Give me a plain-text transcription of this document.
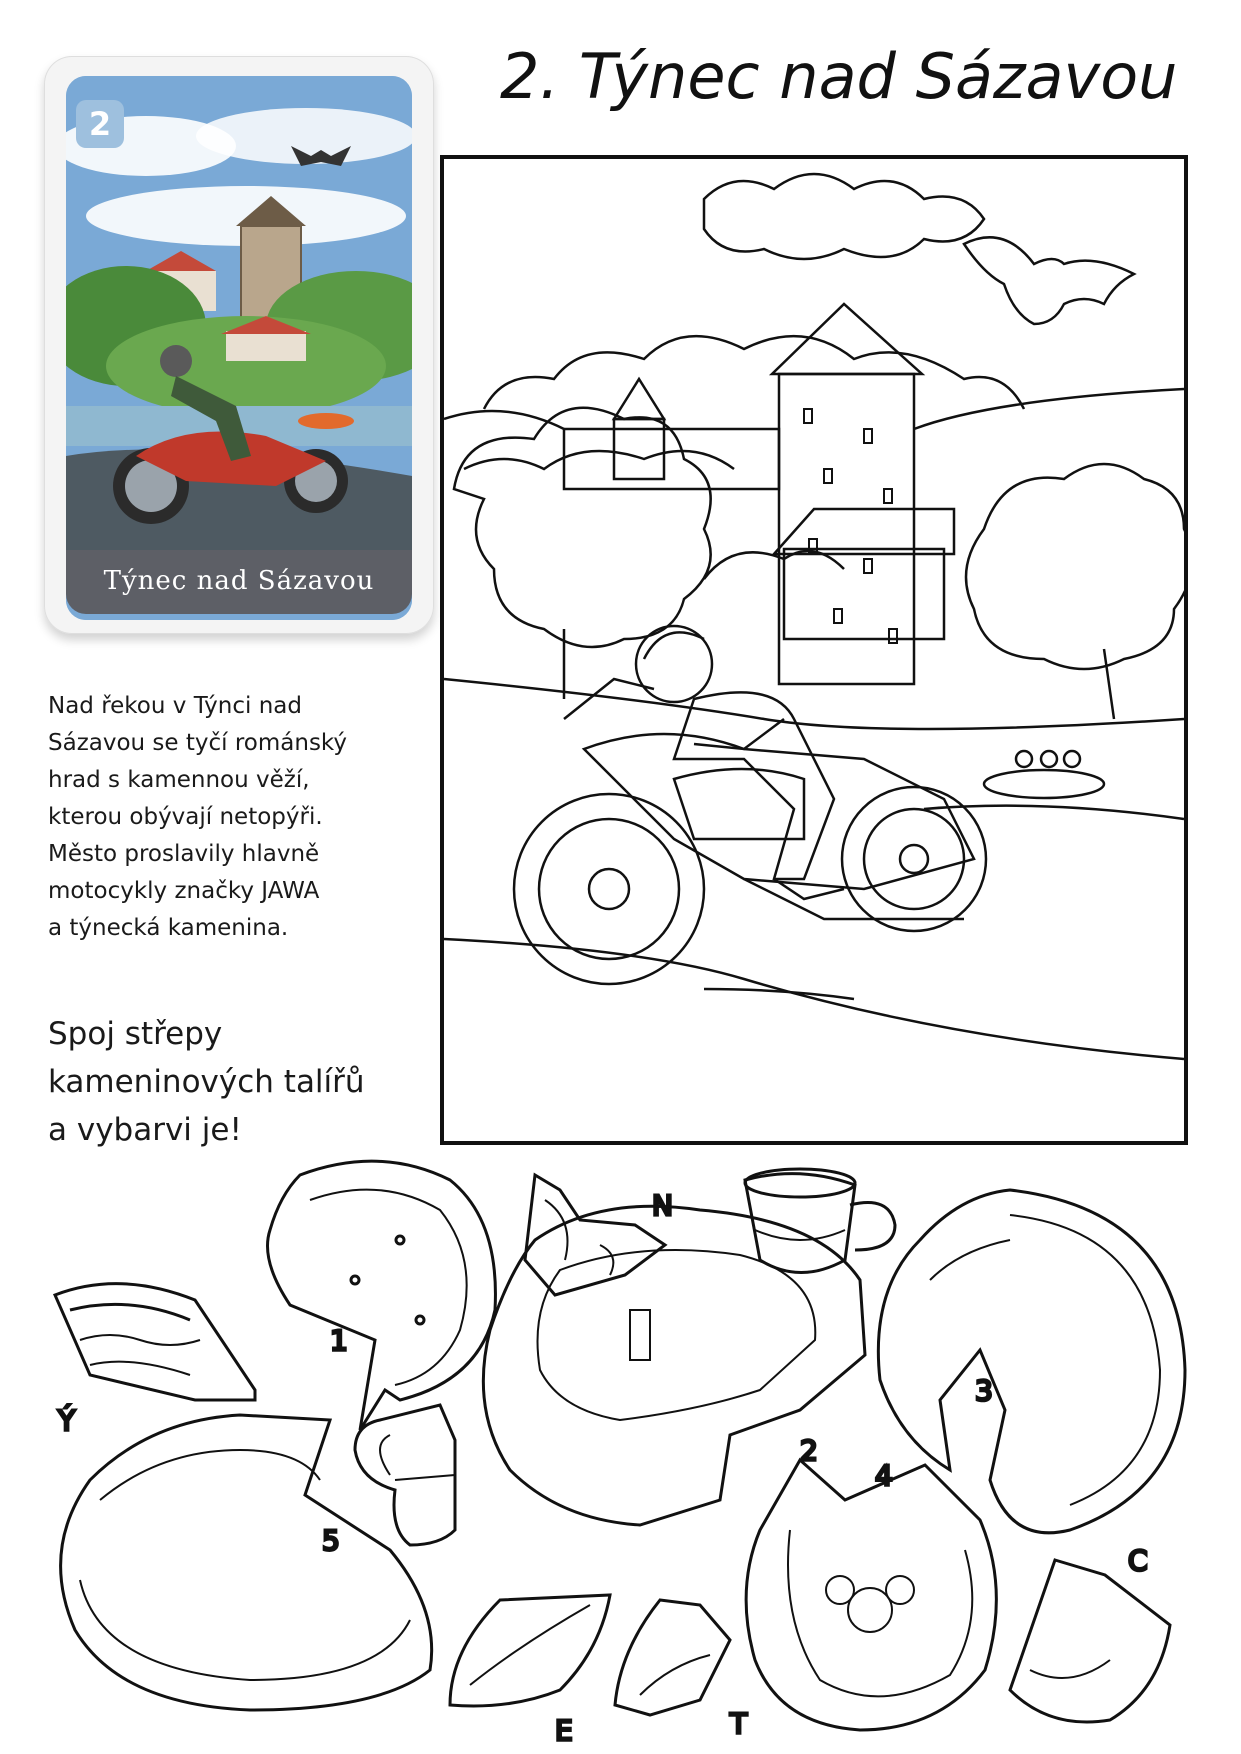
2. Týnec nad Sázavou
2
Týnec nad Sázavou
Nad řekou v Týnci nad
Sázavou se tyčí románský
hrad s kamennou věží,
kterou obývají netopýři.
Město proslavily hlavně
motocykly značky JAWA
a týnecká kamenina.
Spoj střepy
kameninových talířů
a vybarvi je!
Ý
1
N
3
2
5
4
C
E	T
